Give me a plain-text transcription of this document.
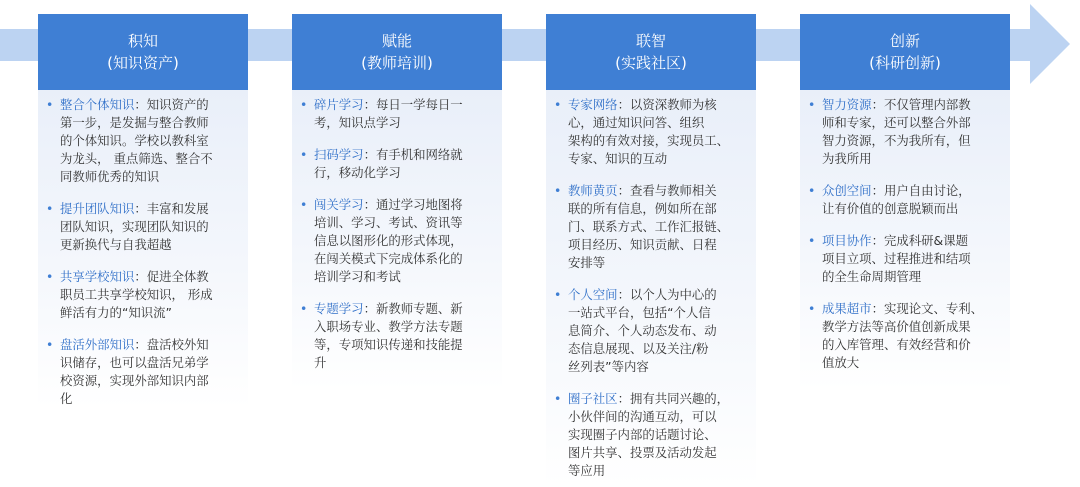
积知
(知识资产)
赋能
(教师培训)
联智
(实践社区)
创新
(科研创新)
• 整合个体知识：知识资产的
第一步，是发掘与整合教师
的个体知识。学校以教科室
为龙头， 重点筛选、整合不
同教师优秀的知识
• 提升团队知识：丰富和发展
团队知识，实现团队知识的
更新换代与自我超越
• 共享学校知识：促进全体教
职员工共享学校知识， 形成
鲜活有力的“知识流”
• 盘活外部知识：盘活校外知
识储存，也可以盘活兄弟学
校资源，实现外部知识内部
化
• 碎片学习：每日一学每日一
考，知识点学习
• 扫码学习：有手机和网络就
行，移动化学习
• 闯关学习：通过学习地图将
培训、学习、考试、资讯等
信息以图形化的形式体现，
在闯关模式下完成体系化的
培训学习和考试
• 专题学习：新教师专题、新
入职场专业、教学方法专题
等，专项知识传递和技能提
升
• 专家网络：以资深教师为核
心，通过知识问答、组织
架构的有效对接，实现员工、
专家、知识的互动
• 教师黄页：查看与教师相关
联的所有信息，例如所在部
门、联系方式、工作汇报链、
项目经历、知识贡献、日程
安排等
• 个人空间：以个人为中心的
一站式平台，包括“个人信
息简介、个人动态发布、动
态信息展现、以及关注/粉
丝列表”等内容
• 圈子社区：拥有共同兴趣的，
小伙伴间的沟通互动，可以
实现圈子内部的话题讨论、
图片共享、投票及活动发起
等应用
• 智力资源：不仅管理内部教
师和专家，还可以整合外部
智力资源，不为我所有，但
为我所用
• 众创空间：用户自由讨论，
让有价值的创意脱颖而出
• 项目协作：完成科研&课题
项目立项、过程推进和结项
的全生命周期管理
• 成果超市：实现论文、专利、
教学方法等高价值创新成果
的入库管理、有效经营和价
值放大
